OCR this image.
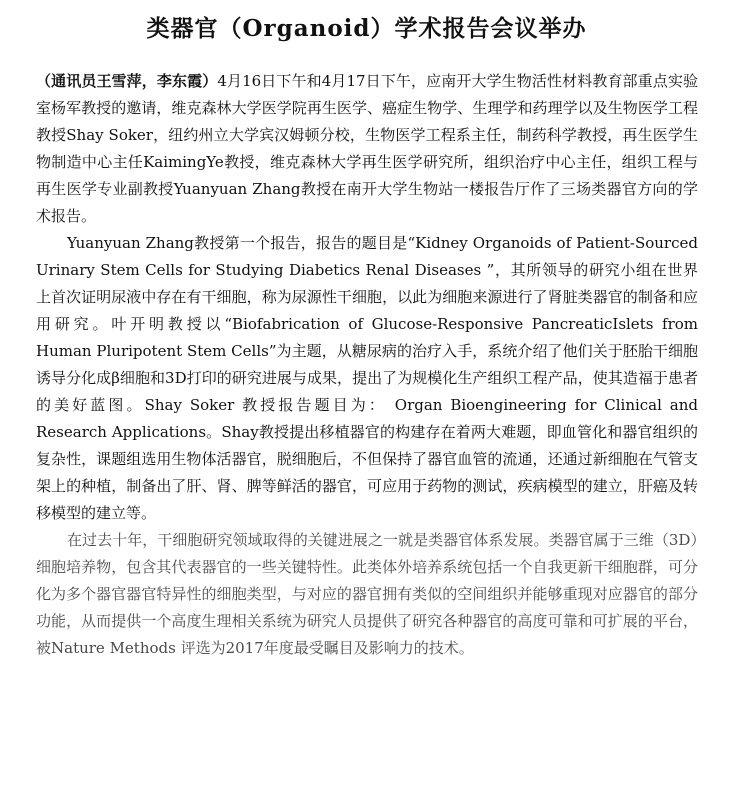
类器官（Organoid）学术报告会议举办

（通讯员王雪萍，李东霞）4月16日下午和4月17日下午，应南开大学生物活性材料教育部重点实验室杨军教授的邀请，维克森林大学医学院再生医学、癌症生物学、生理学和药理学以及生物医学工程教授Shay Soker，纽约州立大学宾汉姆顿分校，生物医学工程系主任，制药科学教授，再生医学生物制造中心主任KaimingYe教授，维克森林大学再生医学研究所，组织治疗中心主任，组织工程与再生医学专业副教授Yuanyuan Zhang教授在南开大学生物站一楼报告厅作了三场类器官方向的学术报告。

Yuanyuan Zhang教授第一个报告，报告的题目是“Kidney Organoids of Patient-Sourced Urinary Stem Cells for Studying Diabetics Renal Diseases ”，其所领导的研究小组在世界上首次证明尿液中存在有干细胞，称为尿源性干细胞，以此为细胞来源进行了肾脏类器官的制备和应用研究。叶开明教授以“Biofabrication of Glucose-Responsive PancreaticIslets from Human Pluripotent Stem Cells”为主题，从糖尿病的治疗入手，系统介绍了他们关于胚胎干细胞诱导分化成β细胞和3D打印的研究进展与成果，提出了为规模化生产组织工程产品，使其造福于患者的美好蓝图。Shay Soker 教授报告题目为： Organ Bioengineering for Clinical and Research Applications。Shay教授提出移植器官的构建存在着两大难题，即血管化和器官组织的复杂性，课题组选用生物体活器官，脱细胞后，不但保持了器官血管的流通，还通过新细胞在气管支架上的种植，制备出了肝、肾、脾等鲜活的器官，可应用于药物的测试，疾病模型的建立，肝癌及转移模型的建立等。

在过去十年，干细胞研究领域取得的关键进展之一就是类器官体系发展。类器官属于三维（3D）细胞培养物，包含其代表器官的一些关键特性。此类体外培养系统包括一个自我更新干细胞群，可分化为多个器官器官特异性的细胞类型，与对应的器官拥有类似的空间组织并能够重现对应器官的部分功能，从而提供一个高度生理相关系统为研究人员提供了研究各种器官的高度可靠和可扩展的平台，被Nature Methods 评选为2017年度最受瞩目及影响力的技术。
